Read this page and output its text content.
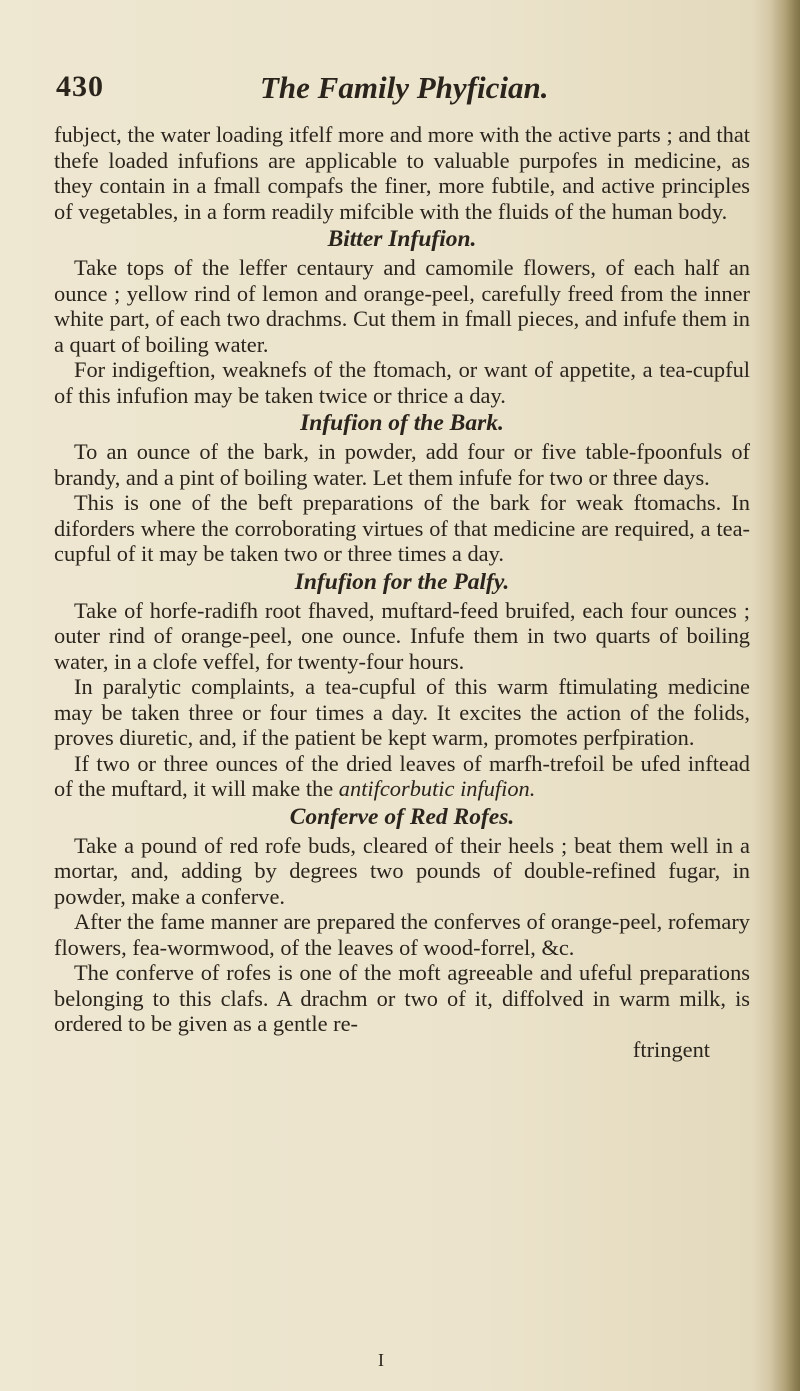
430	The Family Phyfician.

fubject, the water loading itfelf more and more with the active parts ; and that thefe loaded infufions are applicable to valuable purpofes in medicine, as they contain in a fmall compafs the finer, more fubtile, and active principles of vegetables, in a form readily mifcible with the fluids of the human body.

Bitter Infufion.

Take tops of the leffer centaury and camomile flowers, of each half an ounce ; yellow rind of lemon and orange-peel, carefully freed from the inner white part, of each two drachms. Cut them in fmall pieces, and infufe them in a quart of boiling water.

For indigeftion, weaknefs of the ftomach, or want of appetite, a tea-cupful of this infufion may be taken twice or thrice a day.

Infufion of the Bark.

To an ounce of the bark, in powder, add four or five table-fpoonfuls of brandy, and a pint of boiling water. Let them infufe for two or three days.

This is one of the beft preparations of the bark for weak ftomachs. In diforders where the corroborating virtues of that medicine are required, a tea-cupful of it may be taken two or three times a day.

Infufion for the Palfy.

Take of horfe-radifh root fhaved, muftard-feed bruifed, each four ounces ; outer rind of orange-peel, one ounce. Infufe them in two quarts of boiling water, in a clofe veffel, for twenty-four hours.

In paralytic complaints, a tea-cupful of this warm ftimulating medicine may be taken three or four times a day. It excites the action of the folids, proves diuretic, and, if the patient be kept warm, promotes perfpiration.

If two or three ounces of the dried leaves of marfh-trefoil be ufed inftead of the muftard, it will make the antifcorbutic infufion.

Conferve of Red Rofes.

Take a pound of red rofe buds, cleared of their heels ; beat them well in a mortar, and, adding by degrees two pounds of double-refined fugar, in powder, make a conferve.

After the fame manner are prepared the conferves of orange-peel, rofemary flowers, fea-wormwood, of the leaves of wood-forrel, &c.

The conferve of rofes is one of the moft agreeable and ufeful preparations belonging to this clafs. A drachm or two of it, diffolved in warm milk, is ordered to be given as a gentle re-

ftringent
I
